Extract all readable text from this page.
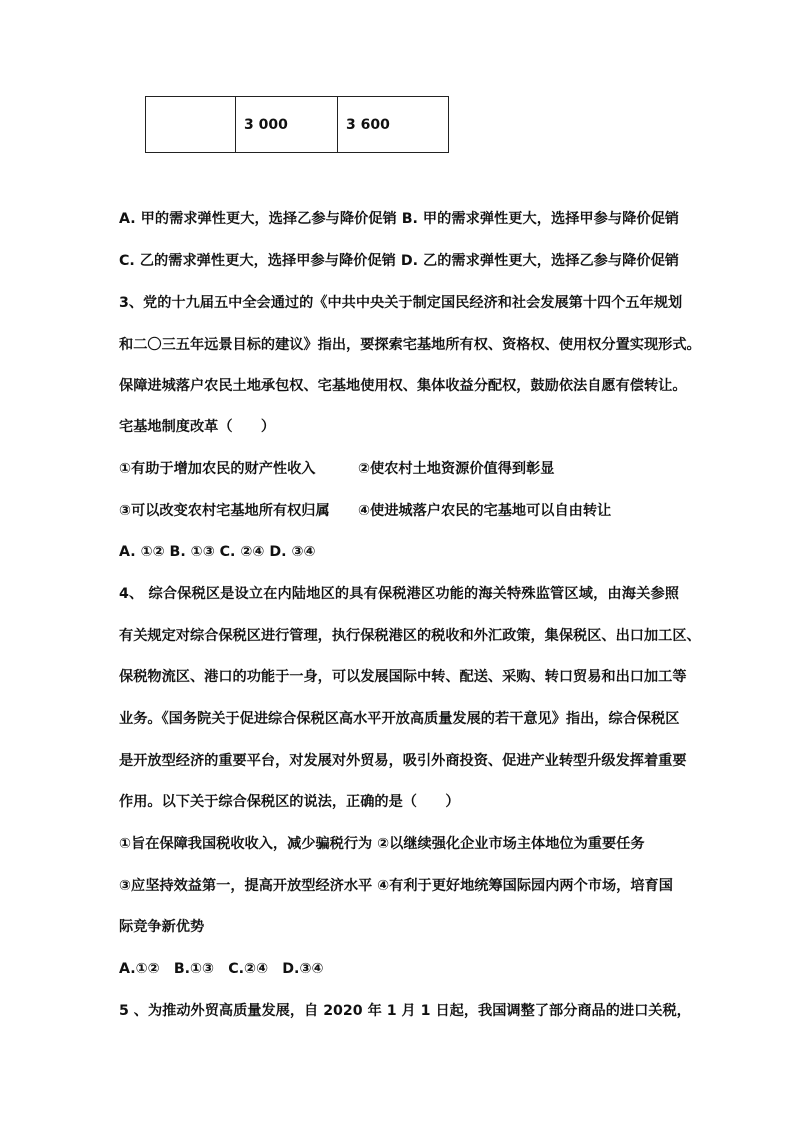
	3 000	3 600
A. 甲的需求弹性更大，选择乙参与降价促销 B. 甲的需求弹性更大，选择甲参与降价促销
C. 乙的需求弹性更大，选择甲参与降价促销 D. 乙的需求弹性更大，选择乙参与降价促销
3、党的十九届五中全会通过的《中共中央关于制定国民经济和社会发展第十四个五年规划
和二〇三五年远景目标的建议》指出，要探索宅基地所有权、资格权、使用权分置实现形式。
保障进城落户农民土地承包权、宅基地使用权、集体收益分配权，鼓励依法自愿有偿转让。
宅基地制度改革（　　）
①有助于增加农民的财产性收入　　　②使农村土地资源价值得到彰显
③可以改变农村宅基地所有权归属　　④使进城落户农民的宅基地可以自由转让
A. ①② B. ①③ C. ②④ D. ③④
4、 综合保税区是设立在内陆地区的具有保税港区功能的海关特殊监管区域，由海关参照
有关规定对综合保税区进行管理，执行保税港区的税收和外汇政策，集保税区、出口加工区、
保税物流区、港口的功能于一身，可以发展国际中转、配送、采购、转口贸易和出口加工等
业务。《国务院关于促进综合保税区高水平开放高质量发展的若干意见》指出，综合保税区
是开放型经济的重要平台，对发展对外贸易，吸引外商投资、促进产业转型升级发挥着重要
作用。以下关于综合保税区的说法，正确的是（　　）
①旨在保障我国税收收入，减少骗税行为 ②以继续强化企业市场主体地位为重要任务
③应坚持效益第一，提高开放型经济水平 ④有利于更好地统筹国际园内两个市场，培育国
际竞争新优势
A.①②　B.①③　C.②④　D.③④
5 、为推动外贸高质量发展，自 2020 年 1 月 1 日起，我国调整了部分商品的进口关税，
